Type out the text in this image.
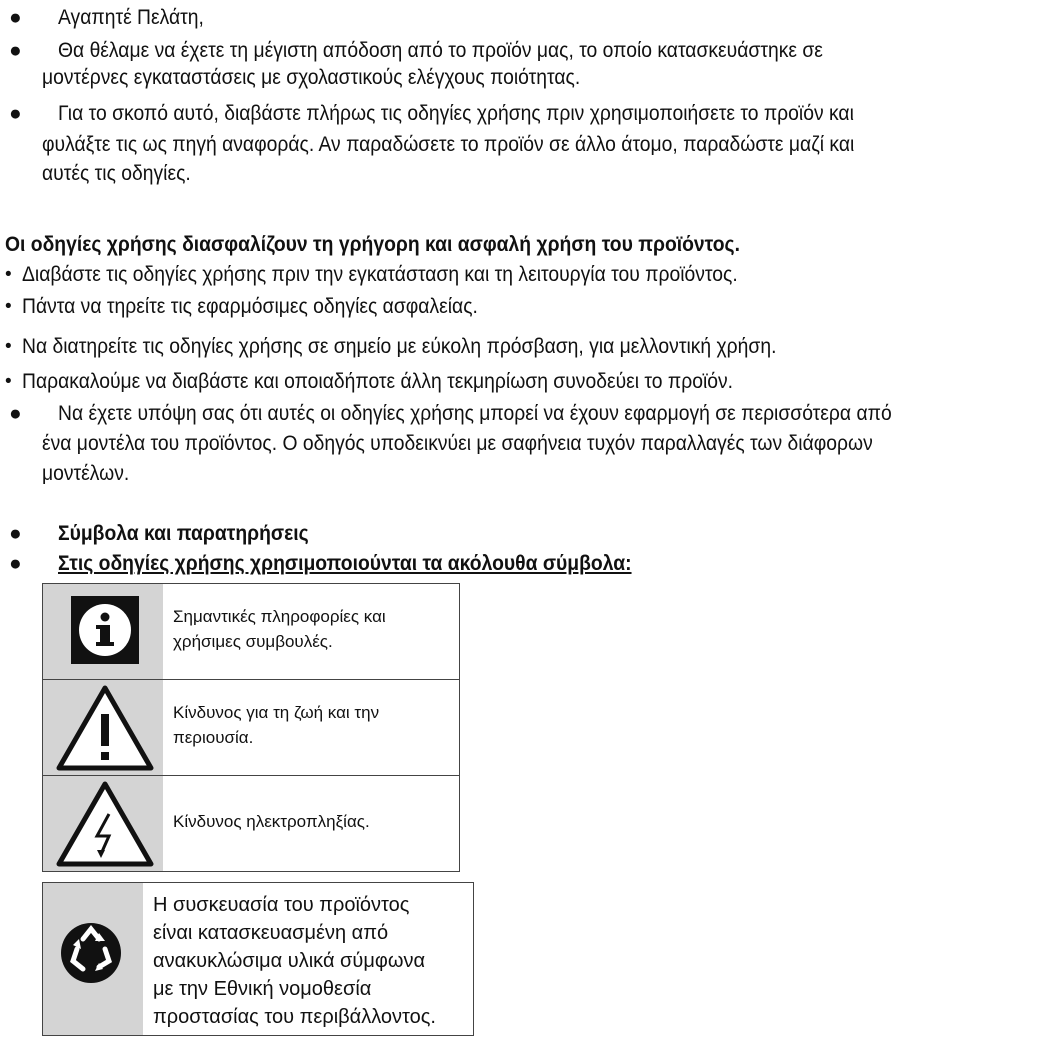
● Αγαπητέ Πελάτη,
● Θα θέλαμε να έχετε τη μέγιστη απόδοση από το προϊόν μας, το οποίο κατασκευάστηκε σε
μοντέρνες εγκαταστάσεις με σχολαστικούς ελέγχους ποιότητας.
● Για το σκοπό αυτό, διαβάστε πλήρως τις οδηγίες χρήσης πριν χρησιμοποιήσετε το προϊόν και
φυλάξτε τις ως πηγή αναφοράς. Αν παραδώσετε το προϊόν σε άλλο άτομο, παραδώστε μαζί και
αυτές τις οδηγίες.
Οι οδηγίες χρήσης διασφαλίζουν τη γρήγορη και ασφαλή χρήση του προϊόντος.
• Διαβάστε τις οδηγίες χρήσης πριν την εγκατάσταση και τη λειτουργία του προϊόντος.
• Πάντα να τηρείτε τις εφαρμόσιμες οδηγίες ασφαλείας.
• Να διατηρείτε τις οδηγίες χρήσης σε σημείο με εύκολη πρόσβαση, για μελλοντική χρήση.
• Παρακαλούμε να διαβάστε και οποιαδήποτε άλλη τεκμηρίωση συνοδεύει το προϊόν.
● Να έχετε υπόψη σας ότι αυτές οι οδηγίες χρήσης μπορεί να έχουν εφαρμογή σε περισσότερα από
ένα μοντέλα του προϊόντος. Ο οδηγός υποδεικνύει με σαφήνεια τυχόν παραλλαγές των διάφορων
μοντέλων.
● Σύμβολα και παρατηρήσεις
● Στις οδηγίες χρήσης χρησιμοποιούνται τα ακόλουθα σύμβολα:
Σημαντικές πληροφορίες και
χρήσιμες συμβουλές.
Κίνδυνος για τη ζωή και την
περιουσία.
Κίνδυνος ηλεκτροπληξίας.
Η συσκευασία του προϊόντος
είναι κατασκευασμένη από
ανακυκλώσιμα υλικά σύμφωνα
με την Εθνική νομοθεσία
προστασίας του περιβάλλοντος.
